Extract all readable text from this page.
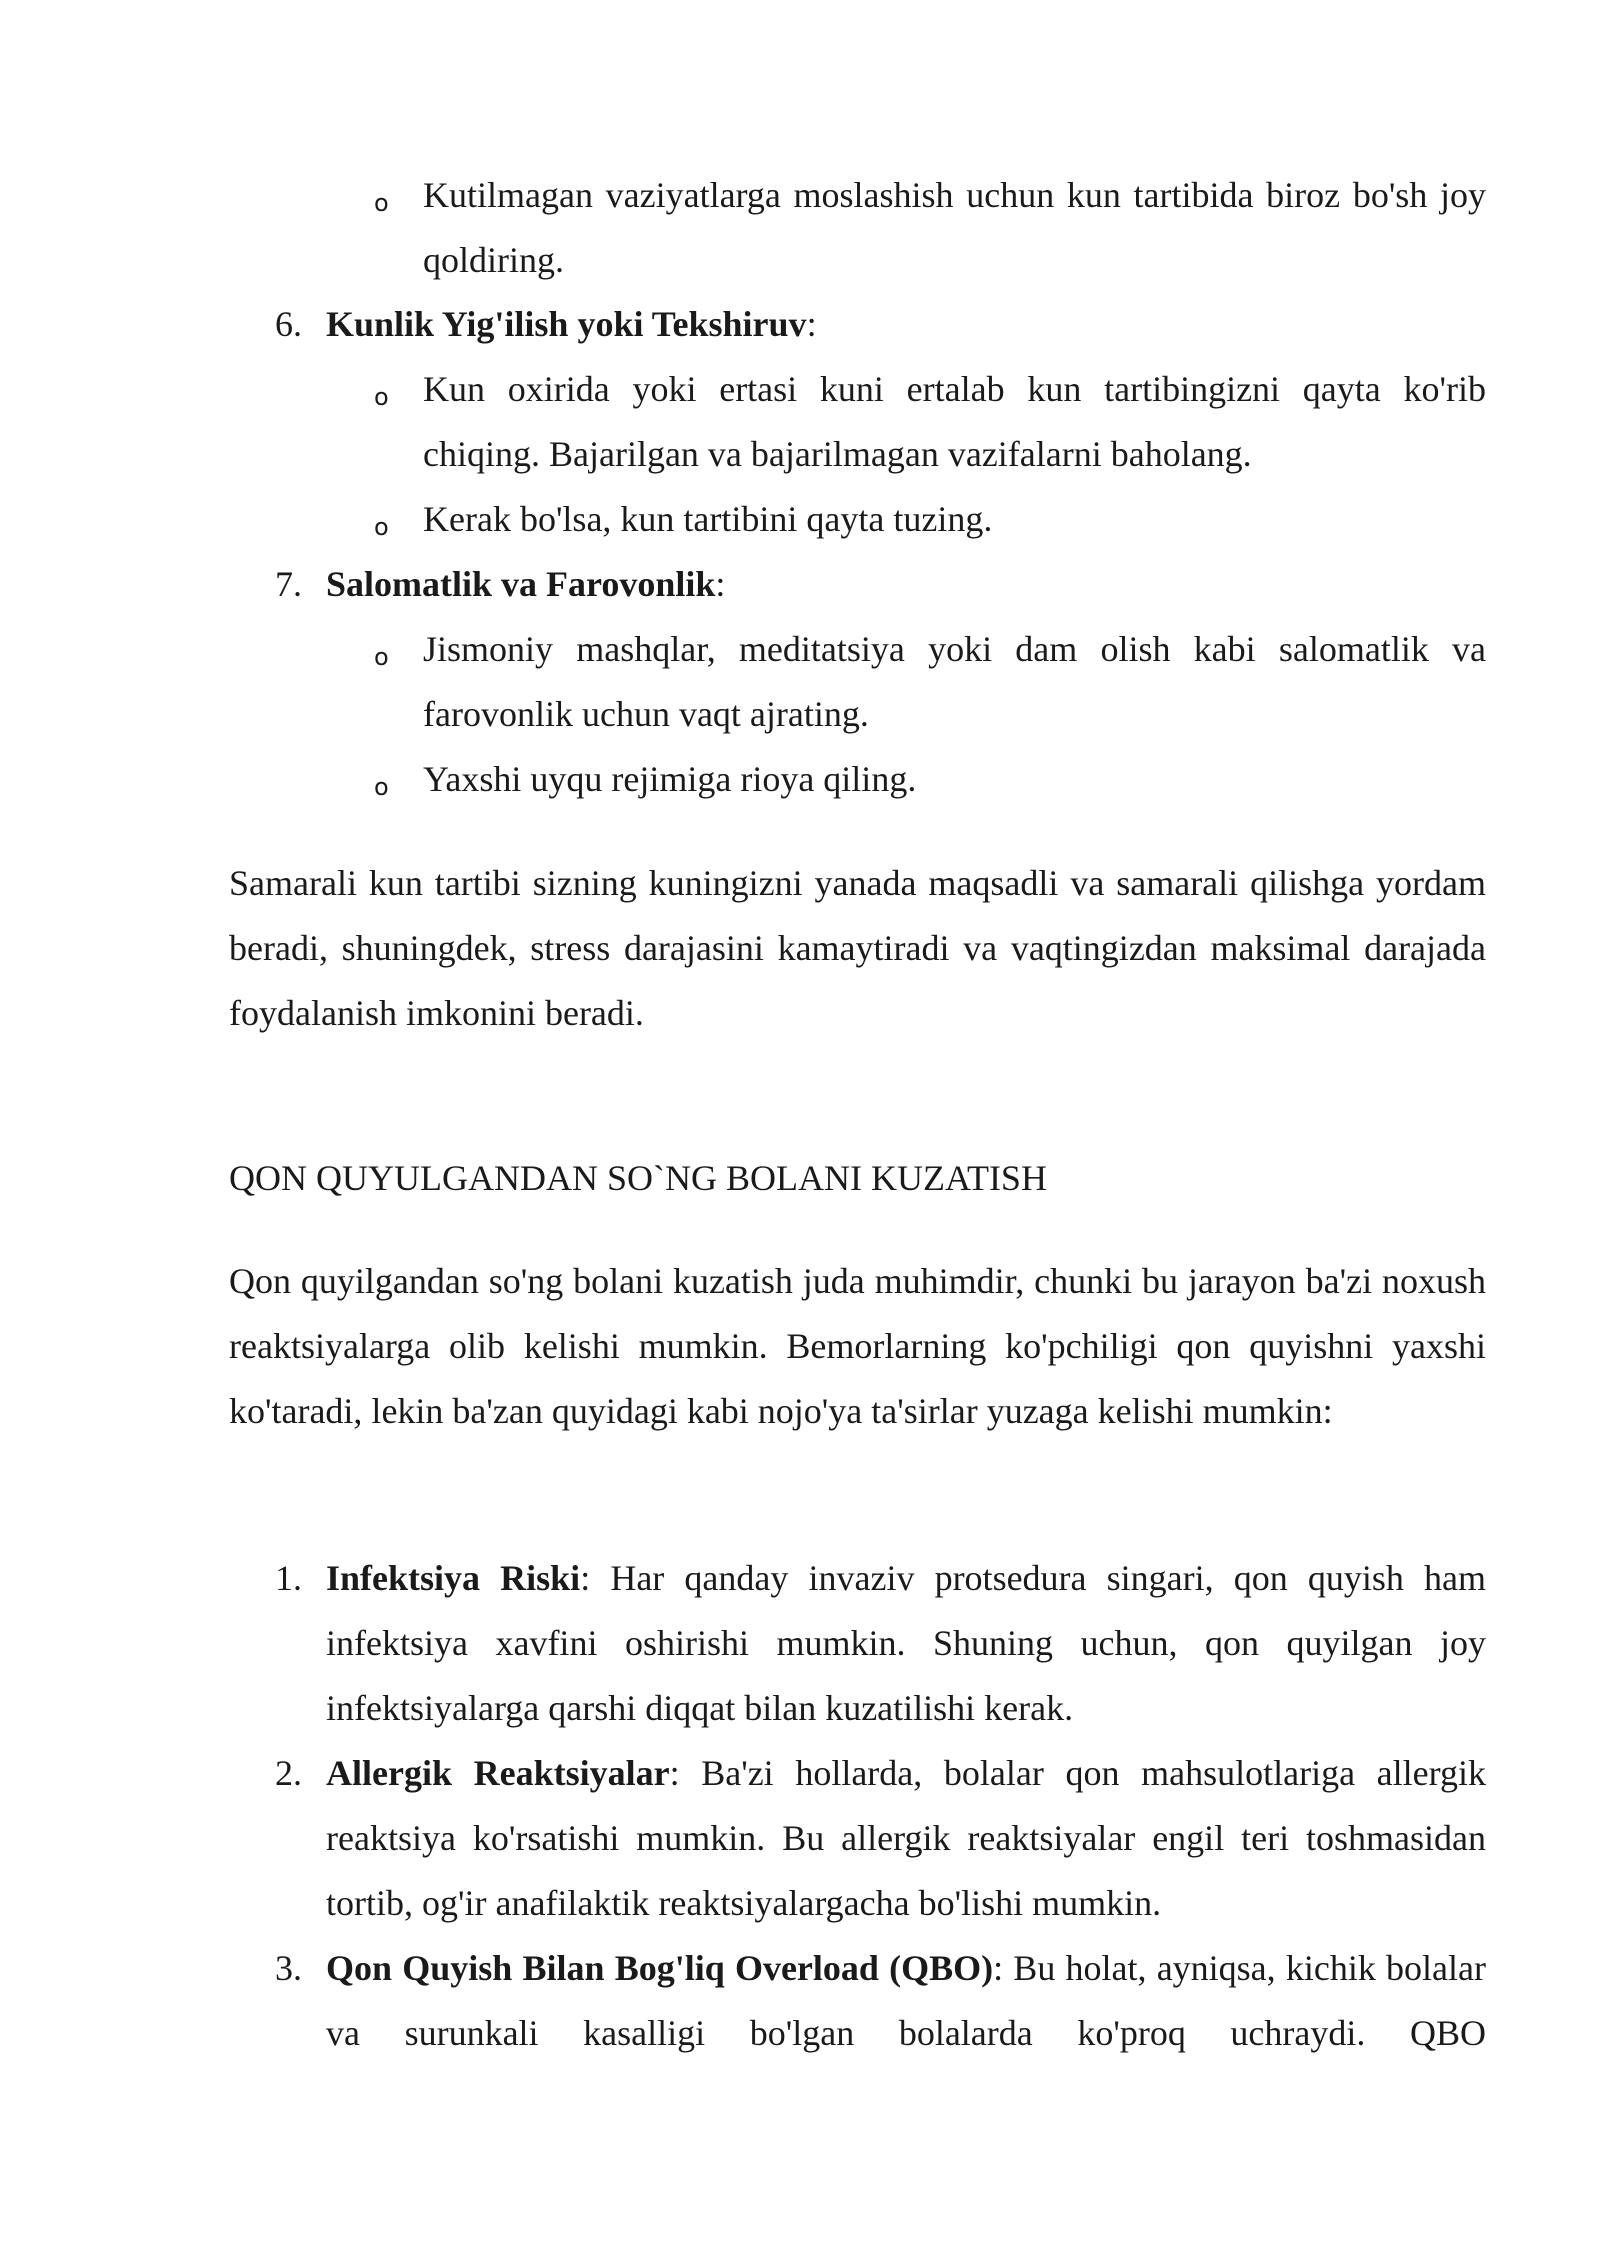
o Kutilmagan vaziyatlarga moslashish uchun kun tartibida biroz bo'sh joy qoldiring.
6. Kunlik Yig'ilish yoki Tekshiruv:
o Kun oxirida yoki ertasi kuni ertalab kun tartibingizni qayta ko'rib chiqing. Bajarilgan va bajarilmagan vazifalarni baholang.
o Kerak bo'lsa, kun tartibini qayta tuzing.
7. Salomatlik va Farovonlik:
o Jismoniy mashqlar, meditatsiya yoki dam olish kabi salomatlik va farovonlik uchun vaqt ajrating.
o Yaxshi uyqu rejimiga rioya qiling.

Samarali kun tartibi sizning kuningizni yanada maqsadli va samarali qilishga yordam beradi, shuningdek, stress darajasini kamaytiradi va vaqtingizdan maksimal darajada foydalanish imkonini beradi.

QON QUYULGANDAN SO`NG BOLANI KUZATISH

Qon quyilgandan so'ng bolani kuzatish juda muhimdir, chunki bu jarayon ba'zi noxush reaktsiyalarga olib kelishi mumkin. Bemorlarning ko'pchiligi qon quyishni yaxshi ko'taradi, lekin ba'zan quyidagi kabi nojo'ya ta'sirlar yuzaga kelishi mumkin:

1. Infektsiya Riski: Har qanday invaziv protsedura singari, qon quyish ham infektsiya xavfini oshirishi mumkin. Shuning uchun, qon quyilgan joy infektsiyalarga qarshi diqqat bilan kuzatilishi kerak.
2. Allergik Reaktsiyalar: Ba'zi hollarda, bolalar qon mahsulotlariga allergik reaktsiya ko'rsatishi mumkin. Bu allergik reaktsiyalar engil teri toshmasidan tortib, og'ir anafilaktik reaktsiyalargacha bo'lishi mumkin.
3. Qon Quyish Bilan Bog'liq Overload (QBO): Bu holat, ayniqsa, kichik bolalar va surunkali kasalligi bo'lgan bolalarda ko'proq uchraydi. QBO
